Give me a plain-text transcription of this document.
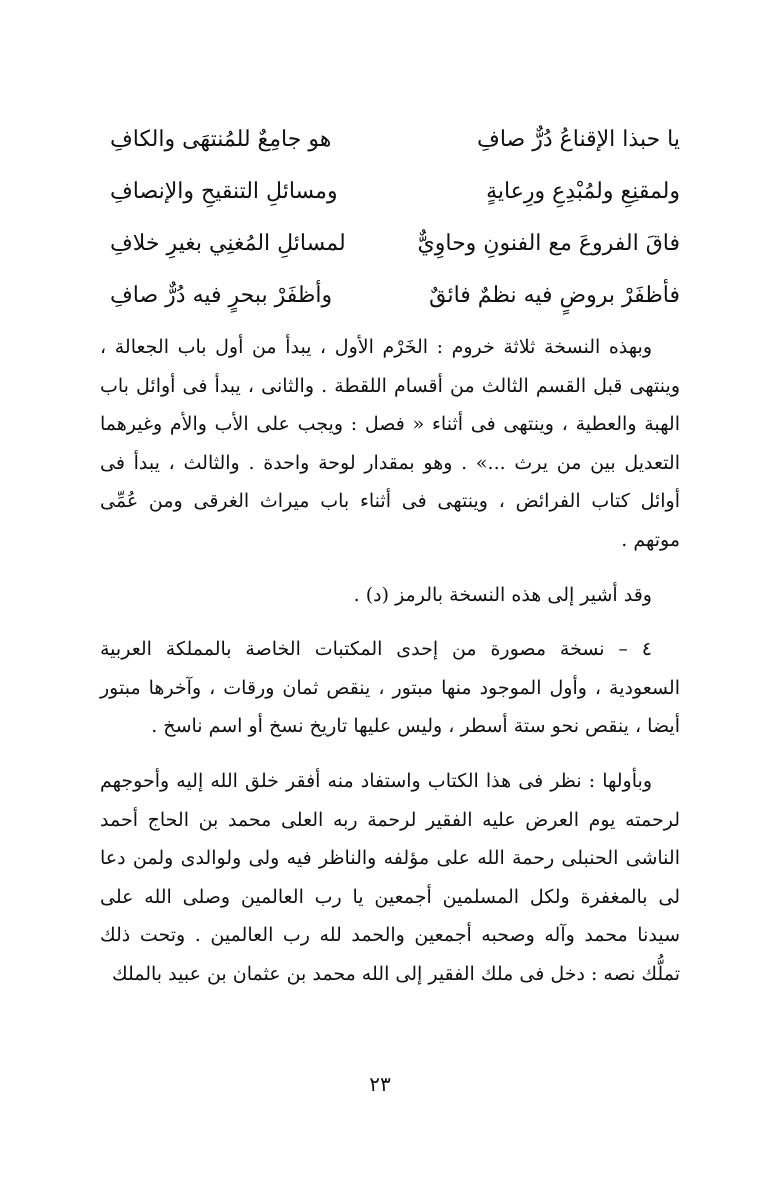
يا حبذا الإقناعُ دُرٌّ صافِ
هو جامِعٌ للمُنتهَى والكافِ
ولمقنِعِ ولمُبْدِعِ ورِعايةٍ
ومسائلِ التنقيحِ والإنصافِ
فاقَ الفروعَ مع الفنونِ وحاوِيٌّ
لمسائلِ المُغنِي بغيرِ خلافِ
فأظفَرْ بروضٍ فيه نظمٌ فائقٌ
وأظفَرْ ببحرٍ فيه دُرٌّ صافِ

وبهذه النسخة ثلاثة خروم : الخَرْم الأول ، يبدأ من أول باب الجعالة ، وينتهى قبل القسم الثالث من أقسام اللقطة . والثانى ، يبدأ فى أوائل باب الهبة والعطية ، وينتهى فى أثناء « فصل : ويجب على الأب والأم وغيرهما التعديل بين من يرث ...» . وهو بمقدار لوحة واحدة . والثالث ، يبدأ فى أوائل كتاب الفرائض ، وينتهى فى أثناء باب ميراث الغرقى ومن عُمِّى موتهم .

وقد أشير إلى هذه النسخة بالرمز (د) .

٤ – نسخة مصورة من إحدى المكتبات الخاصة بالمملكة العربية السعودية ، وأول الموجود منها مبتور ، ينقص ثمان ورقات ، وآخرها مبتور أيضا ، ينقص نحو ستة أسطر ، وليس عليها تاريخ نسخ أو اسم ناسخ .

وبأولها : نظر فى هذا الكتاب واستفاد منه أفقر خلق الله إليه وأحوجهم لرحمته يوم العرض عليه الفقير لرحمة ربه العلى محمد بن الحاج أحمد الناشى الحنبلى رحمة الله على مؤلفه والناظر فيه ولى ولوالدى ولمن دعا لى بالمغفرة ولكل المسلمين أجمعين يا رب العالمين وصلى الله على سيدنا محمد وآله وصحبه أجمعين والحمد لله رب العالمين . وتحت ذلك تملُّك نصه : دخل فى ملك الفقير إلى الله محمد بن عثمان بن عبيد بالملك

٢٣
